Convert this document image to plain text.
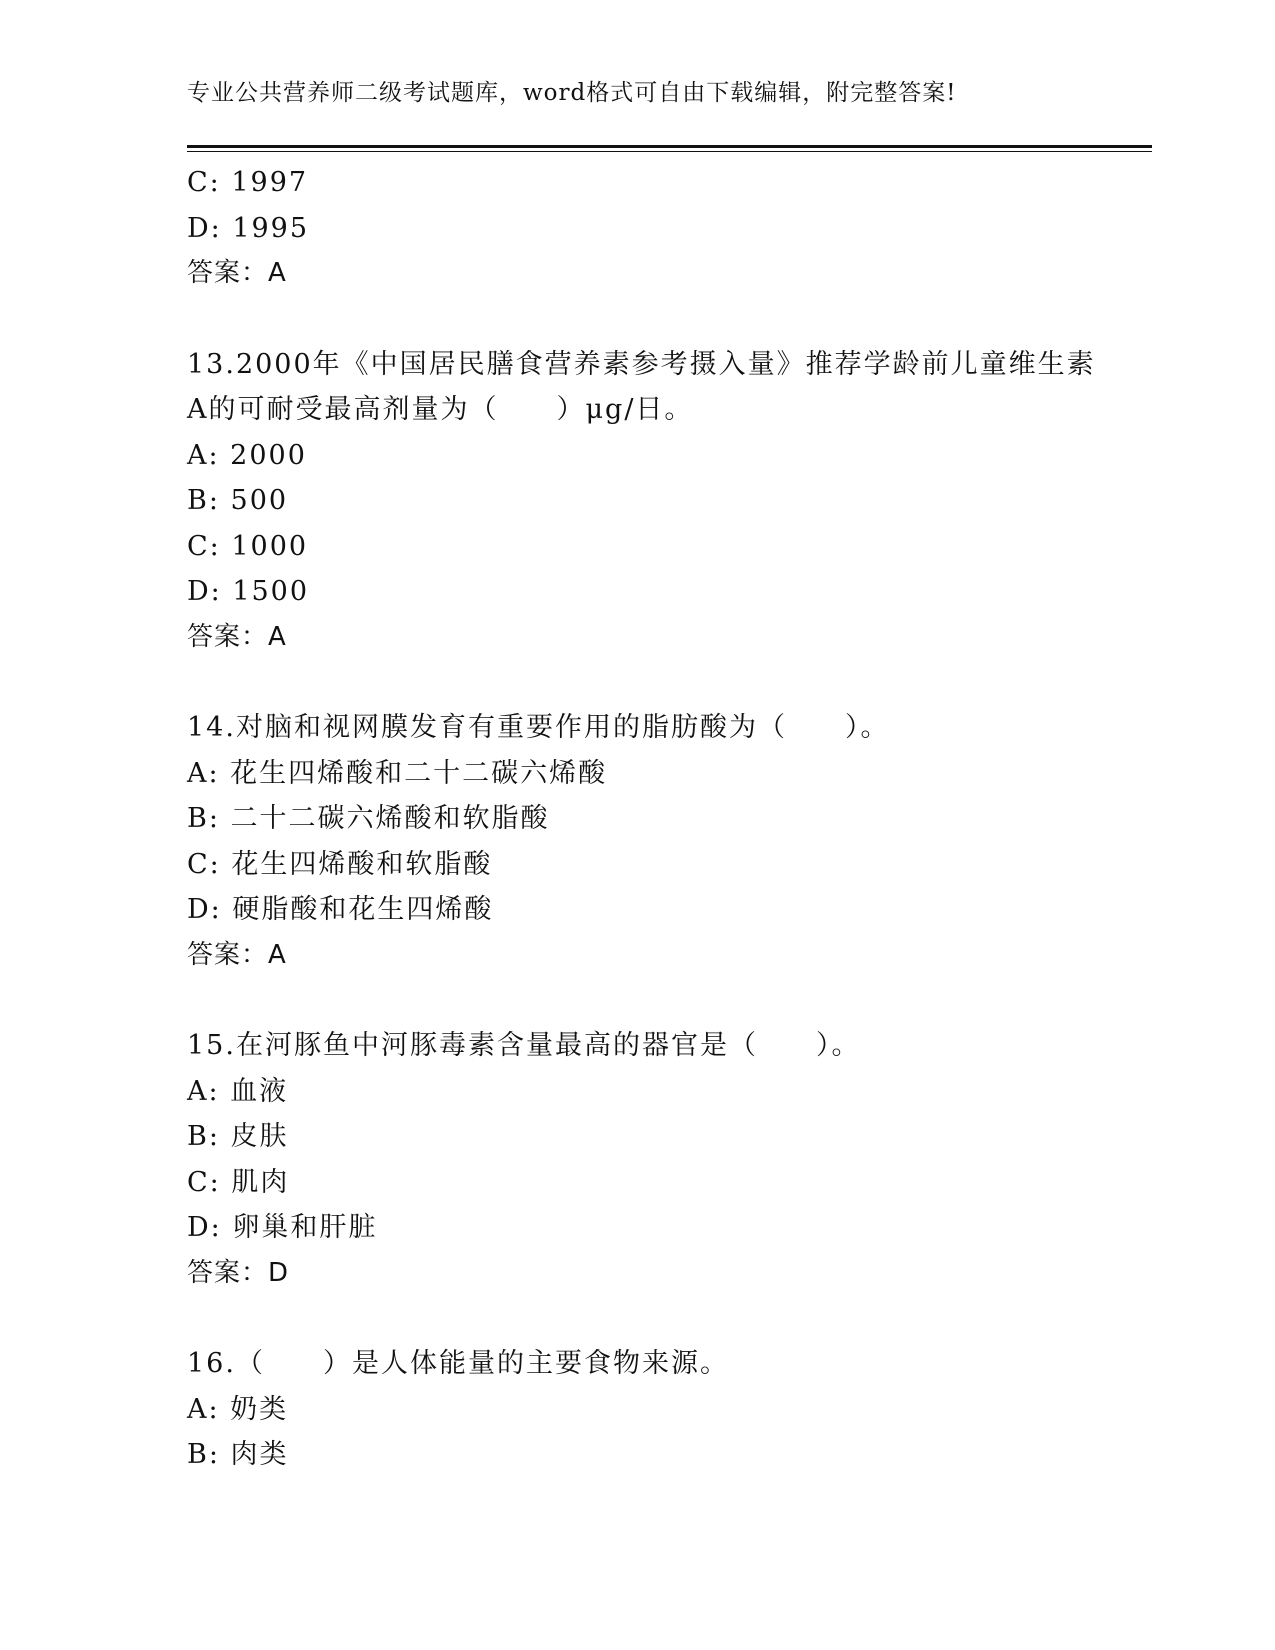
专业公共营养师二级考试题库，word格式可自由下载编辑，附完整答案!
C: 1997
D: 1995
答案：A
13.2000年《中国居民膳食营养素参考摄入量》推荐学龄前儿童维生素
A的可耐受最高剂量为（　　）μg/日。
A: 2000
B: 500
C: 1000
D: 1500
答案：A
14.对脑和视网膜发育有重要作用的脂肪酸为（　　）。
A: 花生四烯酸和二十二碳六烯酸
B: 二十二碳六烯酸和软脂酸
C: 花生四烯酸和软脂酸
D: 硬脂酸和花生四烯酸
答案：A
15.在河豚鱼中河豚毒素含量最高的器官是（　　）。
A: 血液
B: 皮肤
C: 肌肉
D: 卵巢和肝脏
答案：D
16.（　　）是人体能量的主要食物来源。
A: 奶类
B: 肉类
